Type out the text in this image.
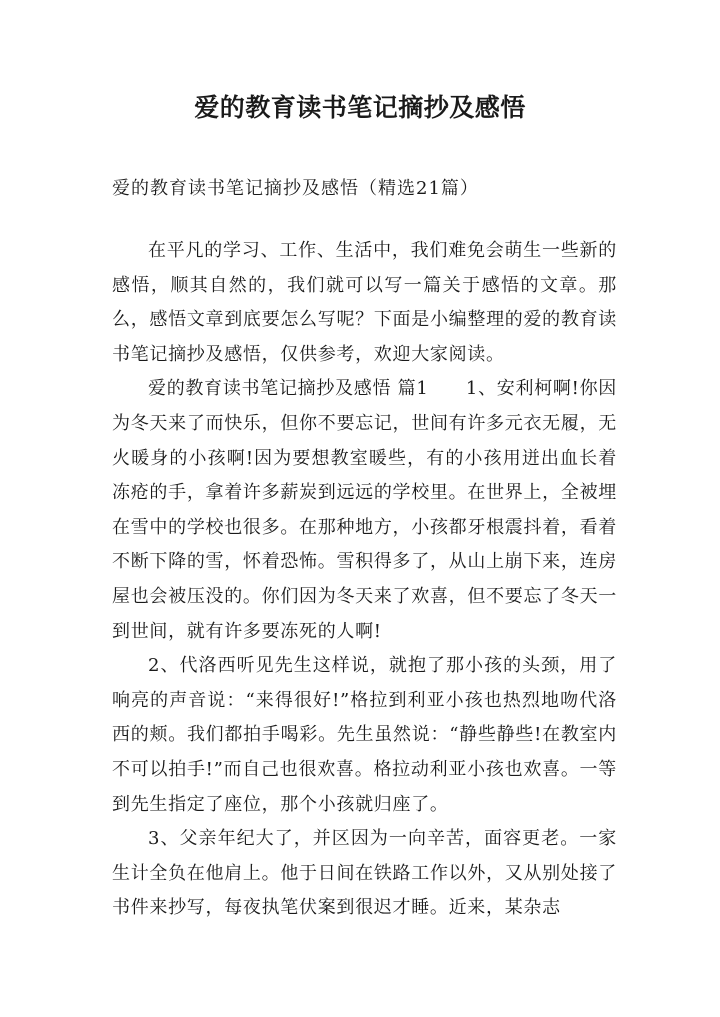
爱的教育读书笔记摘抄及感悟
爱的教育读书笔记摘抄及感悟（精选21篇）

在平凡的学习、工作、生活中，我们难免会萌生一些新的感悟，顺其自然的，我们就可以写一篇关于感悟的文章。那么，感悟文章到底要怎么写呢？下面是小编整理的爱的教育读书笔记摘抄及感悟，仅供参考，欢迎大家阅读。

爱的教育读书笔记摘抄及感悟 篇1　　1、安利柯啊!你因为冬天来了而快乐，但你不要忘记，世间有许多元衣无履，无火暖身的小孩啊!因为要想教室暖些，有的小孩用迸出血长着冻疮的手，拿着许多薪炭到远远的学校里。在世界上，全被埋在雪中的学校也很多。在那种地方，小孩都牙根震抖着，看着不断下降的雪，怀着恐怖。雪积得多了，从山上崩下来，连房屋也会被压没的。你们因为冬天来了欢喜，但不要忘了冬天一到世间，就有许多要冻死的人啊!

2、代洛西听见先生这样说，就抱了那小孩的头颈，用了响亮的声音说：“来得很好!”格拉到利亚小孩也热烈地吻代洛西的颊。我们都拍手喝彩。先生虽然说：“静些静些!在教室内不可以拍手!”而自己也很欢喜。格拉动利亚小孩也欢喜。一等到先生指定了座位，那个小孩就归座了。

3、父亲年纪大了，并区因为一向辛苦，面容更老。一家生计全负在他肩上。他于日间在铁路工作以外，又从别处接了书件来抄写，每夜执笔伏案到很迟才睡。近来，某杂志
